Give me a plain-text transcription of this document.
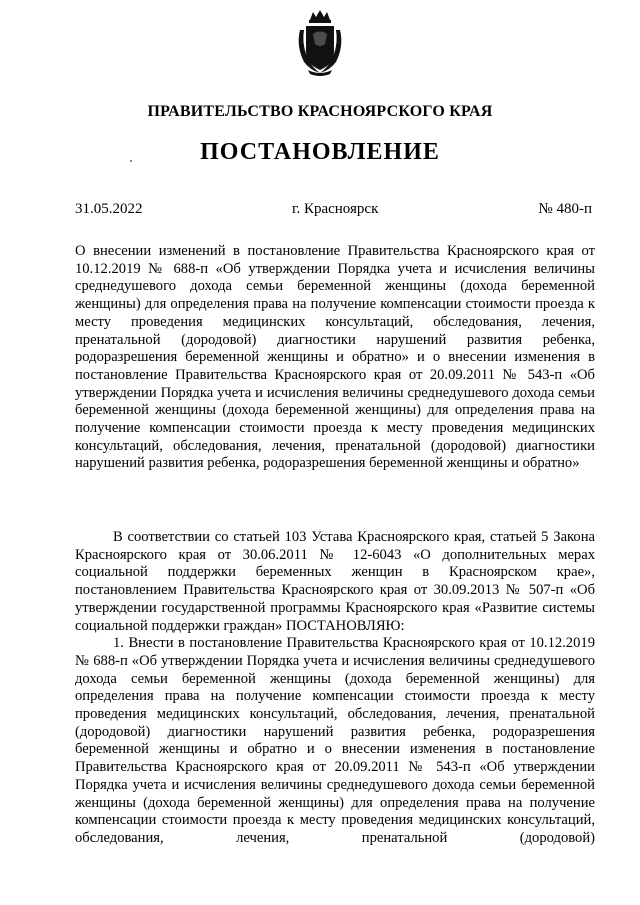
ПРАВИТЕЛЬСТВО КРАСНОЯРСКОГО КРАЯ
ПОСТАНОВЛЕНИЕ
31.05.2022	г. Красноярск	№ 480-п
О внесении изменений в постановление Правительства Красноярского края от 10.12.2019 № 688-п «Об утверждении Порядка учета и исчисления величины среднедушевого дохода семьи беременной женщины (дохода беременной женщины) для определения права на получение компенсации стоимости проезда к месту проведения медицинских консультаций, обследования, лечения, пренатальной (дородовой) диагностики нарушений развития ребенка, родоразрешения беременной женщины и обратно» и о внесении изменения в постановление Правительства Красноярского края от 20.09.2011 № 543-п «Об утверждении Порядка учета и исчисления величины среднедушевого дохода семьи беременной женщины (дохода беременной женщины) для определения права на получение компенсации стоимости проезда к месту проведения медицинских консультаций, обследования, лечения, пренатальной (дородовой) диагностики нарушений развития ребенка, родоразрешения беременной женщины и обратно»

В соответствии со статьей 103 Устава Красноярского края, статьей 5 Закона Красноярского края от 30.06.2011 № 12-6043 «О дополнительных мерах социальной поддержки беременных женщин в Красноярском крае», постановлением Правительства Красноярского края от 30.09.2013 № 507-п «Об утверждении государственной программы Красноярского края «Развитие системы социальной поддержки граждан» ПОСТАНОВЛЯЮ:

1. Внести в постановление Правительства Красноярского края от 10.12.2019 № 688-п «Об утверждении Порядка учета и исчисления величины среднедушевого дохода семьи беременной женщины (дохода беременной женщины) для определения права на получение компенсации стоимости проезда к месту проведения медицинских консультаций, обследования, лечения, пренатальной (дородовой) диагностики нарушений развития ребенка, родоразрешения беременной женщины и обратно и о внесении изменения в постановление Правительства Красноярского края от 20.09.2011 № 543-п «Об утверждении Порядка учета и исчисления величины среднедушевого дохода семьи беременной женщины (дохода беременной женщины) для определения права на получение компенсации стоимости проезда к месту проведения медицинских консультаций, обследования, лечения, пренатальной (дородовой)
